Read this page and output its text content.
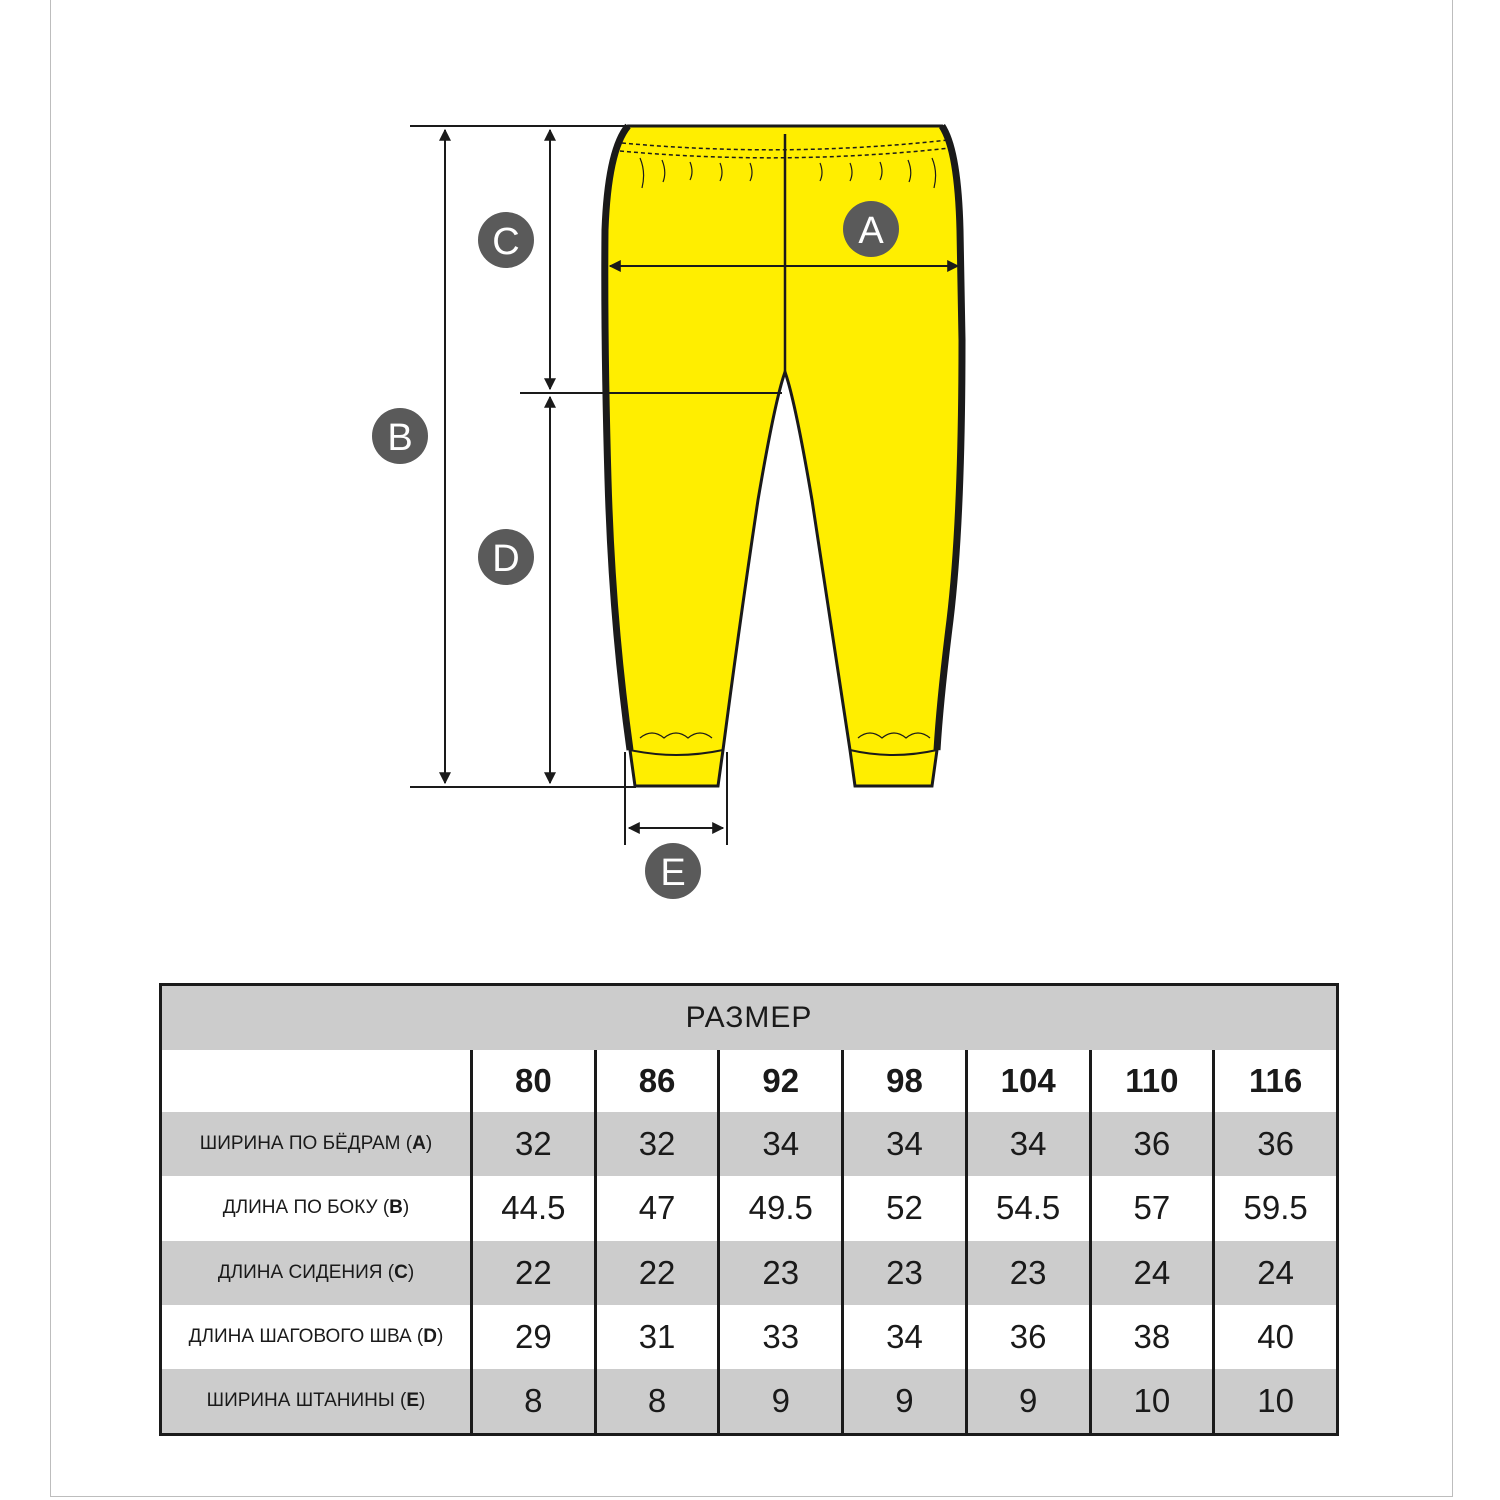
A
B
C
D
E
РАЗМЕР							
	80	86	92	98	104	110	116
ШИРИНА ПО БЁДРАМ (A)	32	32	34	34	34	36	36
ДЛИНА ПО БОКУ (B)	44.5	47	49.5	52	54.5	57	59.5
ДЛИНА СИДЕНИЯ (C)	22	22	23	23	23	24	24
ДЛИНА ШАГОВОГО ШВА (D)	29	31	33	34	36	38	40
ШИРИНА ШТАНИНЫ (E)	8	8	9	9	9	10	10
